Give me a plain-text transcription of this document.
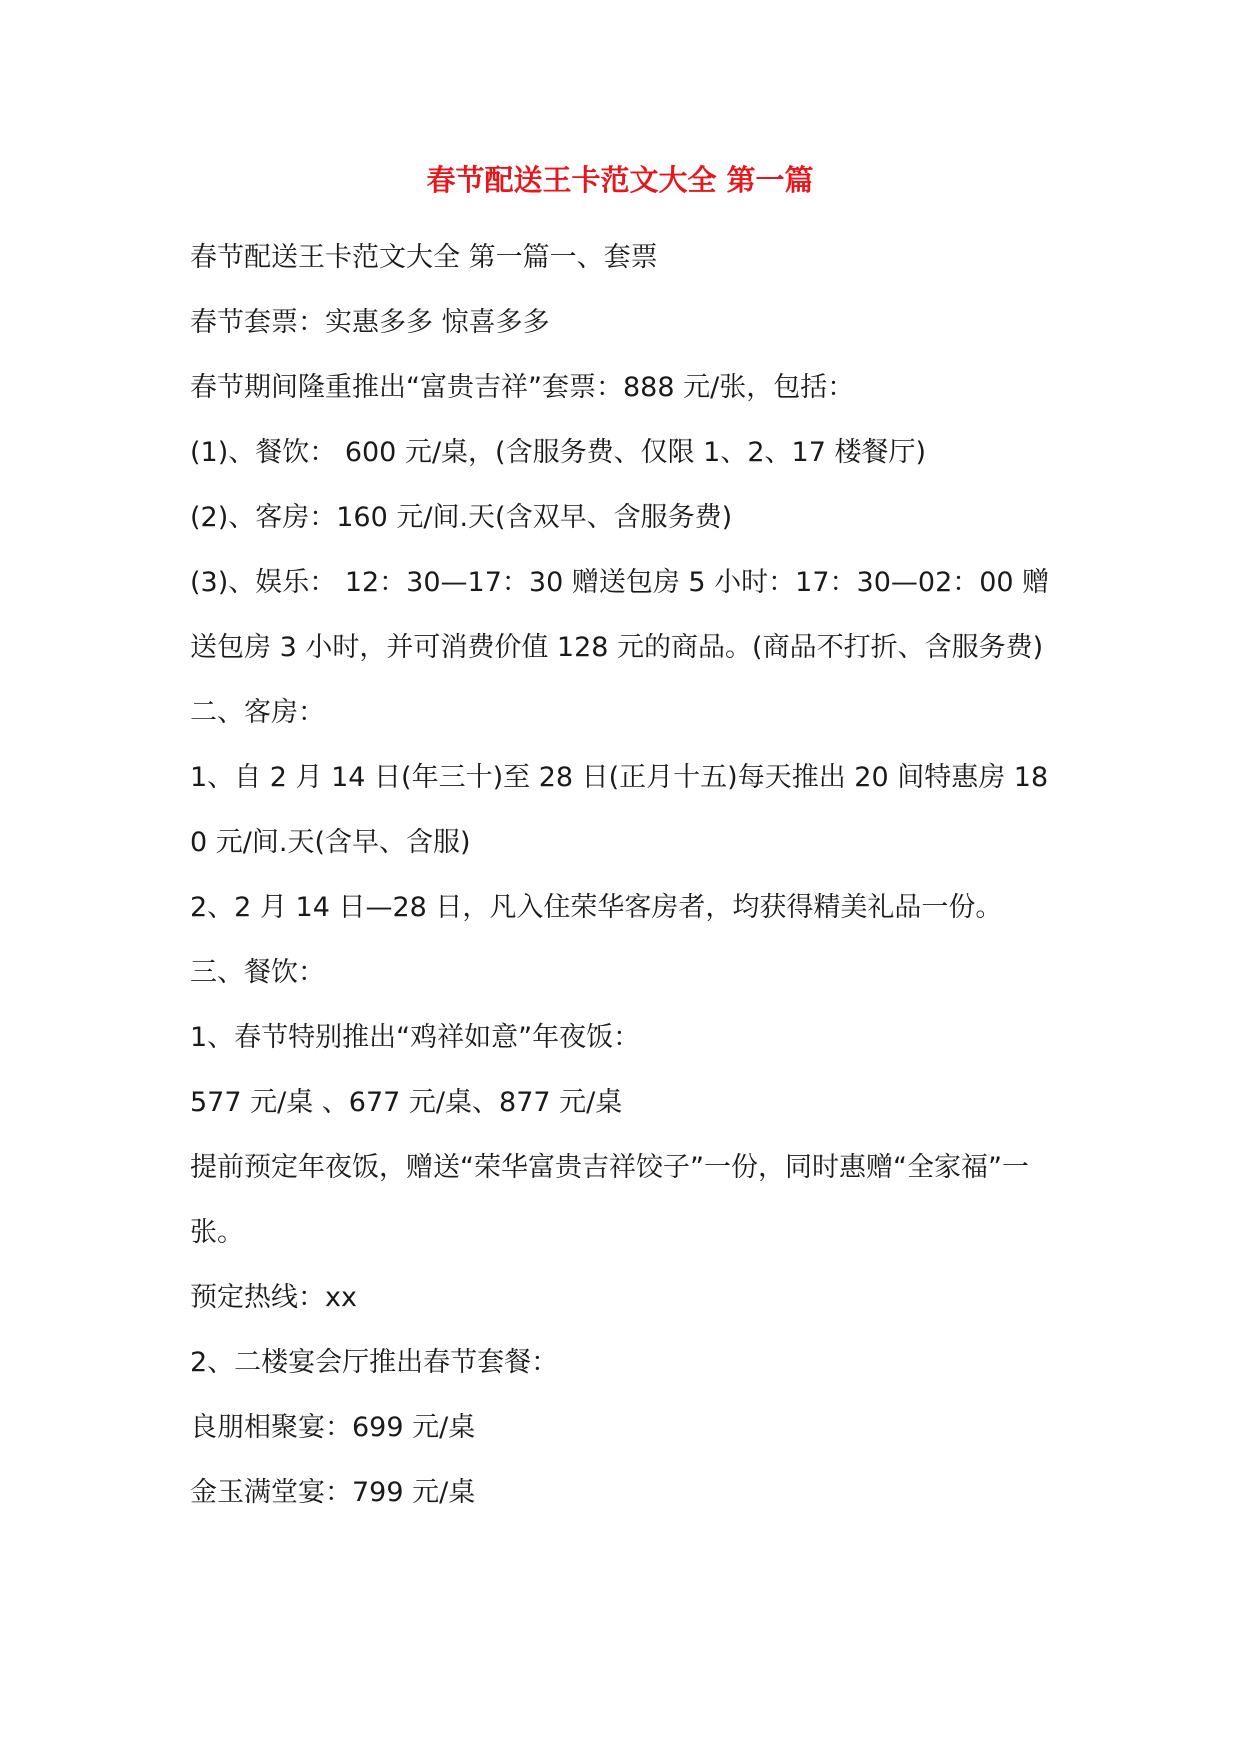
春节配送王卡范文大全 第一篇

春节配送王卡范文大全 第一篇一、套票

春节套票：实惠多多 惊喜多多

春节期间隆重推出“富贵吉祥”套票：888 元/张，包括：

(1)、餐饮： 600 元/桌，(含服务费、仅限 1、2、17 楼餐厅)

(2)、客房：160 元/间.天(含双早、含服务费)

(3)、娱乐： 12：30—17：30 赠送包房 5 小时：17：30—02：00 赠送包房 3 小时，并可消费价值 128 元的商品。(商品不打折、含服务费)

二、客房：

1、自 2 月 14 日(年三十)至 28 日(正月十五)每天推出 20 间特惠房 180 元/间.天(含早、含服)

2、2 月 14 日—28 日，凡入住荣华客房者，均获得精美礼品一份。

三、餐饮：

1、春节特别推出“鸡祥如意”年夜饭：

577 元/桌 、677 元/桌、877 元/桌

提前预定年夜饭，赠送“荣华富贵吉祥饺子”一份，同时惠赠“全家福”一张。

预定热线：xx

2、二楼宴会厅推出春节套餐：

良朋相聚宴：699 元/桌

金玉满堂宴：799 元/桌
